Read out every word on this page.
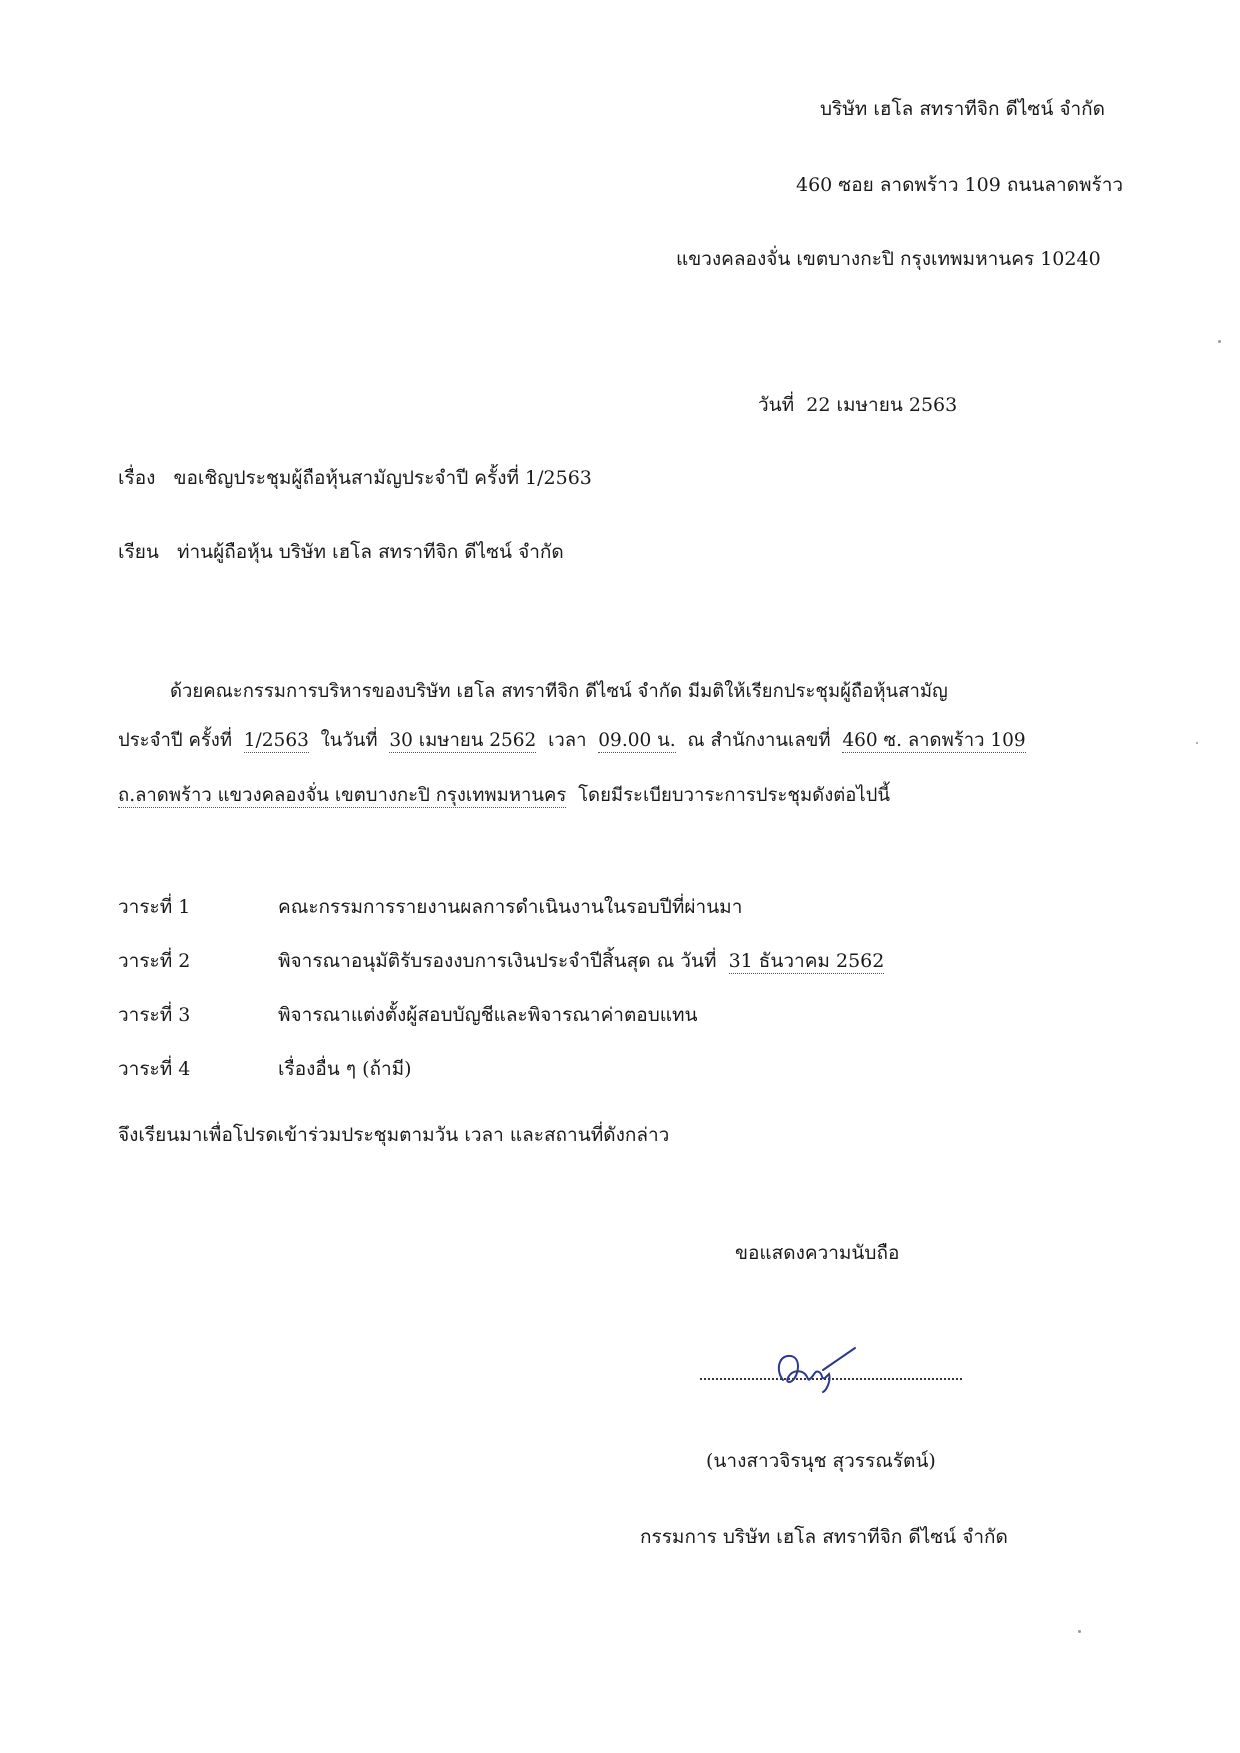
บริษัท เฮโล สทราทีจิก ดีไซน์ จำกัด
460 ซอย ลาดพร้าว 109 ถนนลาดพร้าว
แขวงคลองจั่น เขตบางกะปิ กรุงเทพมหานคร 10240
วันที่ 22 เมษายน 2563
เรื่อง ขอเชิญประชุมผู้ถือหุ้นสามัญประจำปี ครั้งที่ 1/2563
เรียน ท่านผู้ถือหุ้น บริษัท เฮโล สทราทีจิก ดีไซน์ จำกัด
ด้วยคณะกรรมการบริหารของบริษัท เฮโล สทราทีจิก ดีไซน์ จำกัด มีมติให้เรียกประชุมผู้ถือหุ้นสามัญ
ประจำปี ครั้งที่ 1/2563 ในวันที่ 30 เมษายน 2562 เวลา 09.00 น. ณ สำนักงานเลขที่ 460 ซ. ลาดพร้าว 109
ถ.ลาดพร้าว แขวงคลองจั่น เขตบางกะปิ กรุงเทพมหานคร โดยมีระเบียบวาระการประชุมดังต่อไปนี้
วาระที่ 1	คณะกรรมการรายงานผลการดำเนินงานในรอบปีที่ผ่านมา
วาระที่ 2	พิจารณาอนุมัติรับรองงบการเงินประจำปีสิ้นสุด ณ วันที่ 31 ธันวาคม 2562
วาระที่ 3	พิจารณาแต่งตั้งผู้สอบบัญชีและพิจารณาค่าตอบแทน
วาระที่ 4	เรื่องอื่น ๆ (ถ้ามี)
จึงเรียนมาเพื่อโปรดเข้าร่วมประชุมตามวัน เวลา และสถานที่ดังกล่าว
ขอแสดงความนับถือ
(นางสาวจิรนุช สุวรรณรัตน์)
กรรมการ บริษัท เฮโล สทราทีจิก ดีไซน์ จำกัด
